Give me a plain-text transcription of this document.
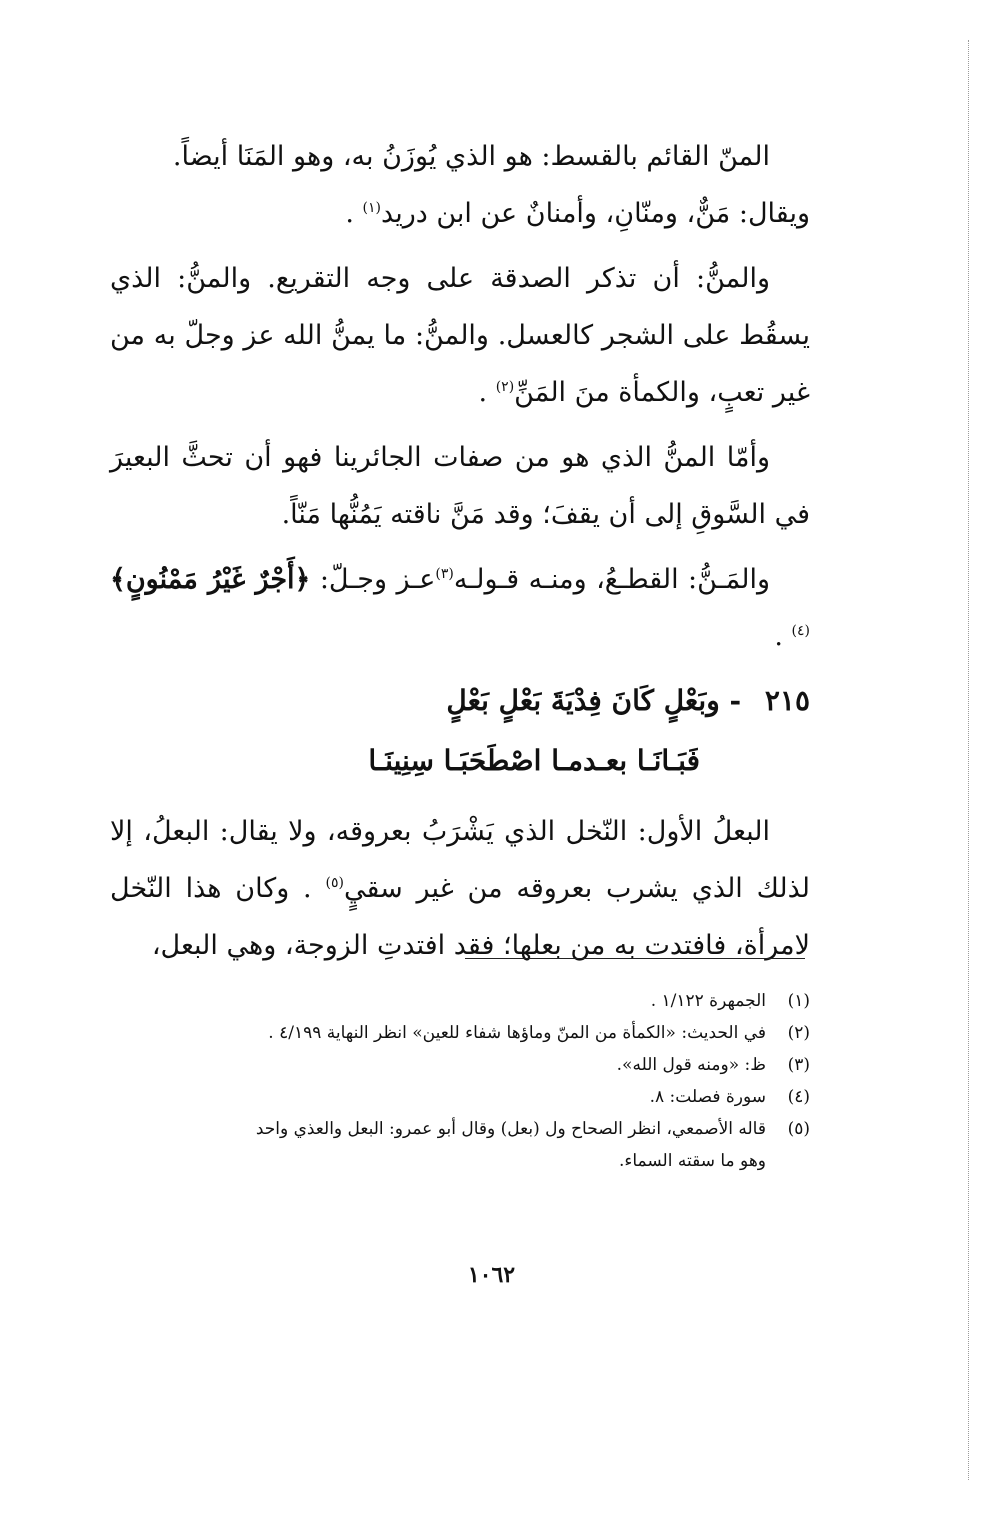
المنّ القائم بالقسط: هو الذي يُوزَنُ به، وهو المَنَا أيضاً.
ويقال: مَنٌّ، ومنّانِ، وأمنانٌ عن ابن دريد$^{(١)}$ .

والمنُّ: أن تذكر الصدقة على وجه التقريع. والمنُّ: الذي يسقُط على الشجر كالعسل. والمنُّ: ما يمنُّ الله عز وجلّ به من غير تعبٍ، والكمأة منَ المَنِّ$^{(٢)}$ .

وأمّا المنُّ الذي هو من صفات الجائرينا فهو أن تحثَّ البعيرَ في السَّوقِ إلى أن يقفَ؛ وقد مَنَّ ناقته يَمُنُّها مَنّاً.

والمَـنُّ: القطـعُ، ومنـه قـولـه$^{(٣)}$عـز وجـلّ: ﴿أَجْرٌ غَيْرُ مَمْنُونٍ﴾$^{(٤)}$ .

٢١٥ - وبَعْلٍ كَانَ فِدْيَةَ بَعْلٍ بَعْلٍ
فَبَـانَـا بعـدمـا اصْطَحَبَـا سِنِينَـا

البعلُ الأول: النّخل الذي يَشْرَبُ بعروقه، ولا يقال: البعلُ، إلا لذلك الذي يشرب بعروقه من غير سقيٍ$^{(٥)}$ . وكان هذا النّخل لامرأة، فافتدت به من بعلها؛ فقد افتدتِ الزوجة، وهي البعل،

(١)
الجمهرة ١/١٢٢ .
(٢)
في الحديث: «الكمأة من المنّ وماؤها شفاء للعين» انظر النهاية ٤/١٩٩ .
(٣)
ظ: «ومنه قول الله».
(٤)
سورة فصلت: ٨.
(٥)
قاله الأصمعي، انظر الصحاح ول (بعل) وقال أبو عمرو: البعل والعذي واحد
وهو ما سقته السماء.
١٠٦٢
